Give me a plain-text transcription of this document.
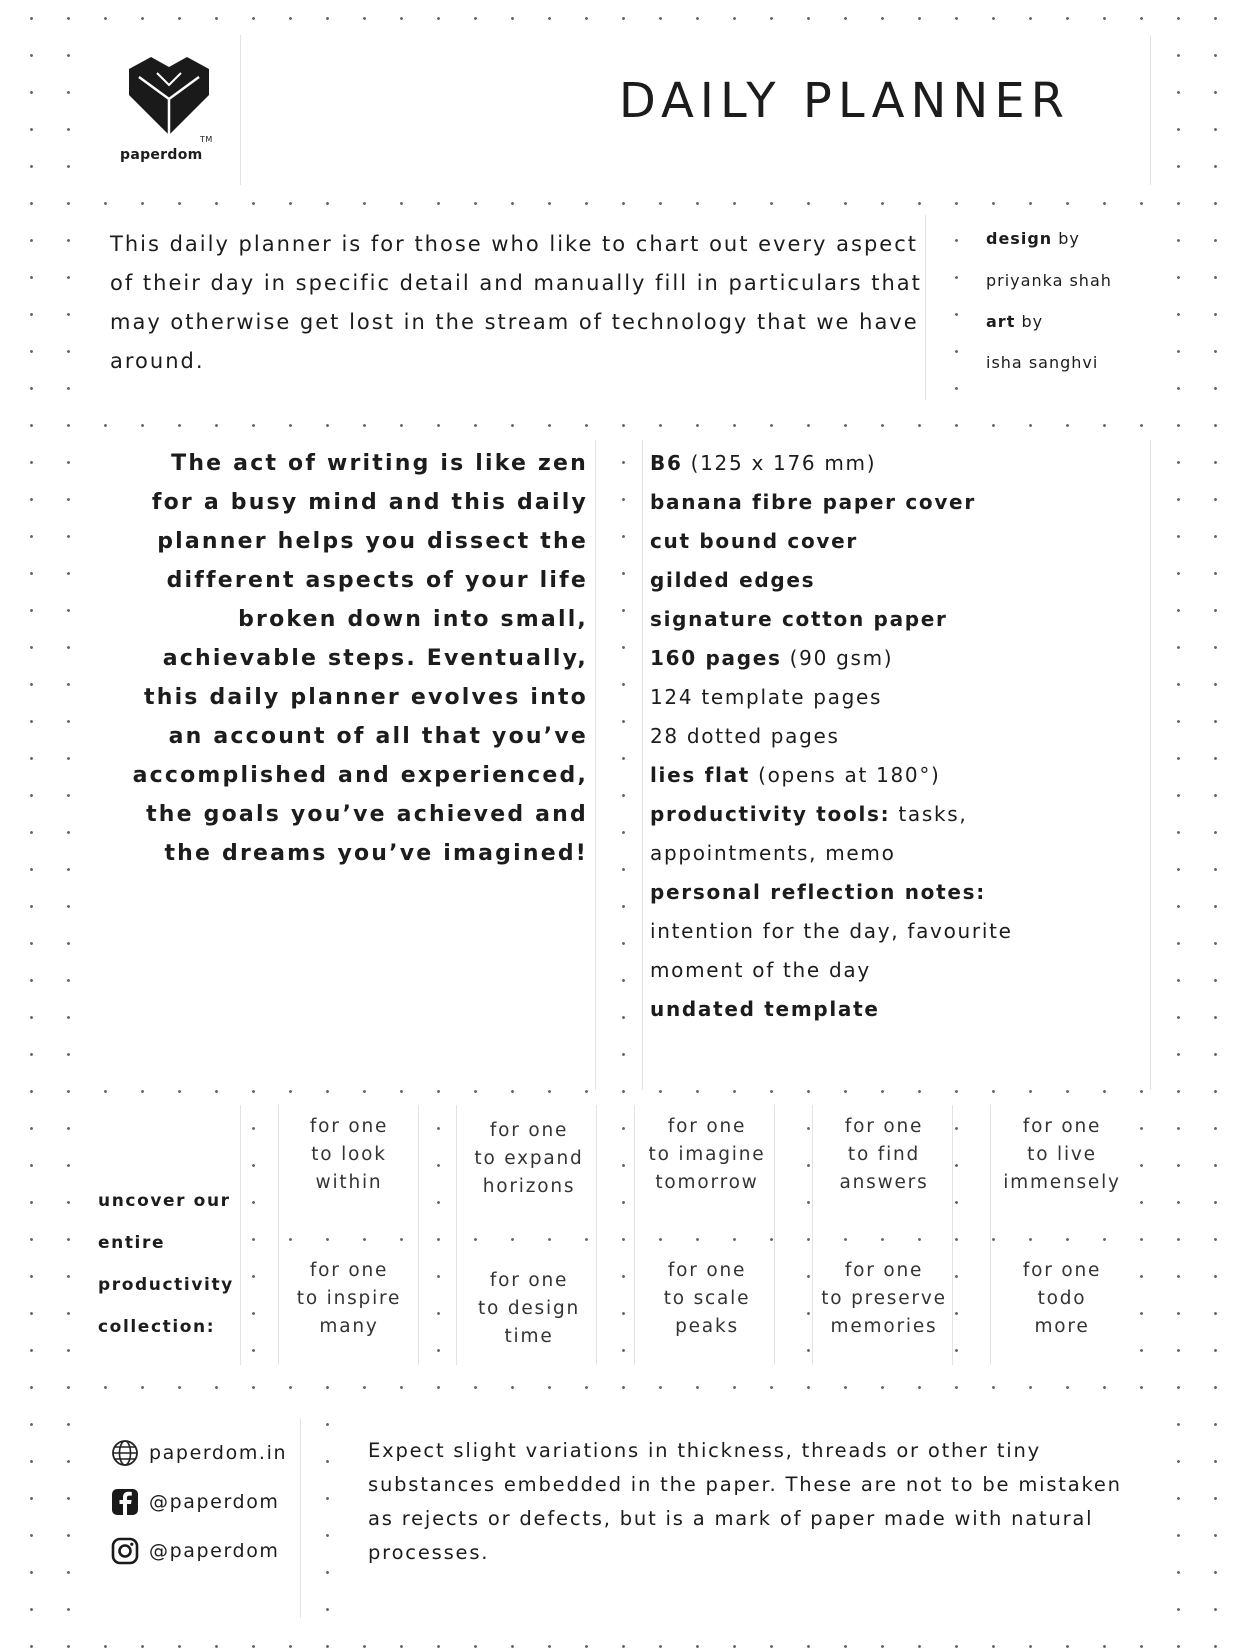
TM
paperdom
DAILY PLANNER

This daily planner is for those who like to chart out every aspect of their day in specific detail and manually fill in particulars that may otherwise get lost in the stream of technology that we have around.

design by
priyanka shah
art by
isha sanghvi

The act of writing is like zen for a busy mind and this daily planner helps you dissect the different aspects of your life broken down into small, achievable steps. Eventually, this daily planner evolves into an account of all that you’ve accomplished and experienced, the goals you’ve achieved and the dreams you’ve imagined!

B6 (125 x 176 mm)
banana fibre paper cover
cut bound cover
gilded edges
signature cotton paper
160 pages (90 gsm)
124 template pages
28 dotted pages
lies flat (opens at 180°)
productivity tools: tasks,
appointments, memo
personal reflection notes:
intention for the day, favourite
moment of the day
undated template

uncover our
entire
productivity
collection:

for one
to look
within
for one
to expand
horizons
for one
to imagine
tomorrow
for one
to find
answers
for one
to live
immensely
for one
to inspire
many
for one
to design
time
for one
to scale
peaks
for one
to preserve
memories
for one
todo
more
paperdom.in
@paperdom
@paperdom

Expect slight variations in thickness, threads or other tiny substances embedded in the paper. These are not to be mistaken as rejects or defects, but is a mark of paper made with natural processes.
